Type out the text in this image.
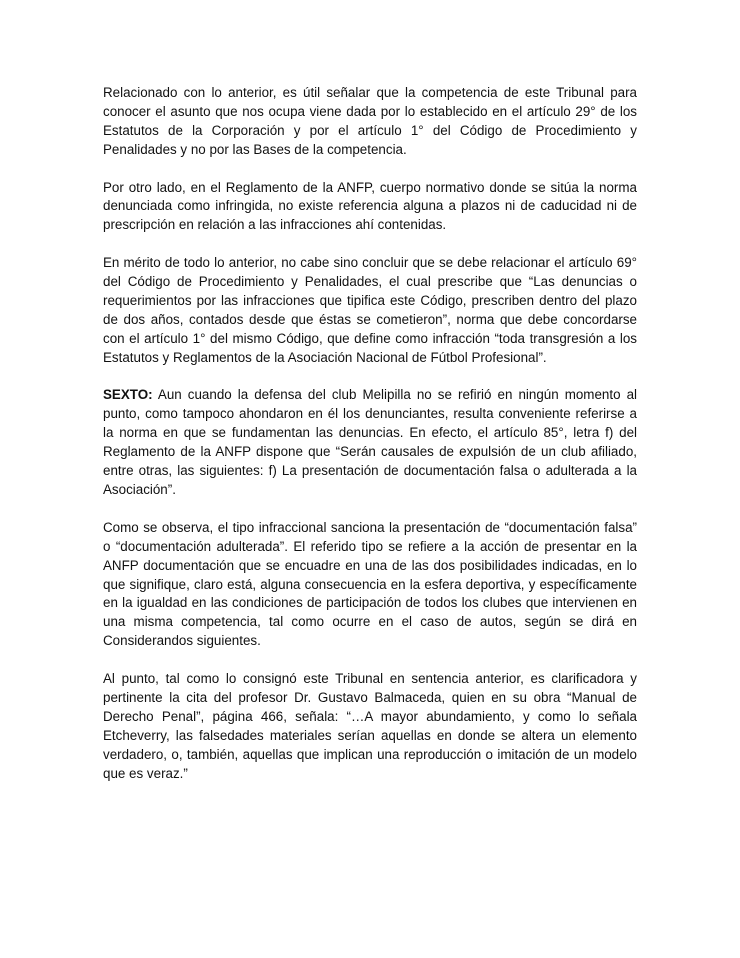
Relacionado con lo anterior, es útil señalar que la competencia de este Tribunal para conocer el asunto que nos ocupa viene dada por lo establecido en el artículo 29° de los Estatutos de la Corporación y por el artículo 1° del Código de Procedimiento y Penalidades y no por las Bases de la competencia.

Por otro lado, en el Reglamento de la ANFP, cuerpo normativo donde se sitúa la norma denunciada como infringida, no existe referencia alguna a plazos ni de caducidad ni de prescripción en relación a las infracciones ahí contenidas.

En mérito de todo lo anterior, no cabe sino concluir que se debe relacionar el artículo 69° del Código de Procedimiento y Penalidades, el cual prescribe que “Las denuncias o requerimientos por las infracciones que tipifica este Código, prescriben dentro del plazo de dos años, contados desde que éstas se cometieron”, norma que debe concordarse con el artículo 1° del mismo Código, que define como infracción “toda transgresión a los Estatutos y Reglamentos de la Asociación Nacional de Fútbol Profesional”.

SEXTO: Aun cuando la defensa del club Melipilla no se refirió en ningún momento al punto, como tampoco ahondaron en él los denunciantes, resulta conveniente referirse a la norma en que se fundamentan las denuncias. En efecto, el artículo 85°, letra f) del Reglamento de la ANFP dispone que “Serán causales de expulsión de un club afiliado, entre otras, las siguientes: f) La presentación de documentación falsa o adulterada a la Asociación”.

Como se observa, el tipo infraccional sanciona la presentación de “documentación falsa” o “documentación adulterada”. El referido tipo se refiere a la acción de presentar en la ANFP documentación que se encuadre en una de las dos posibilidades indicadas, en lo que signifique, claro está, alguna consecuencia en la esfera deportiva, y específicamente en la igualdad en las condiciones de participación de todos los clubes que intervienen en una misma competencia, tal como ocurre en el caso de autos, según se dirá en Considerandos siguientes.

Al punto, tal como lo consignó este Tribunal en sentencia anterior, es clarificadora y pertinente la cita del profesor Dr. Gustavo Balmaceda, quien en su obra “Manual de Derecho Penal”, página 466, señala: “…A mayor abundamiento, y como lo señala Etcheverry, las falsedades materiales serían aquellas en donde se altera un elemento verdadero, o, también, aquellas que implican una reproducción o imitación de un modelo que es veraz.”
